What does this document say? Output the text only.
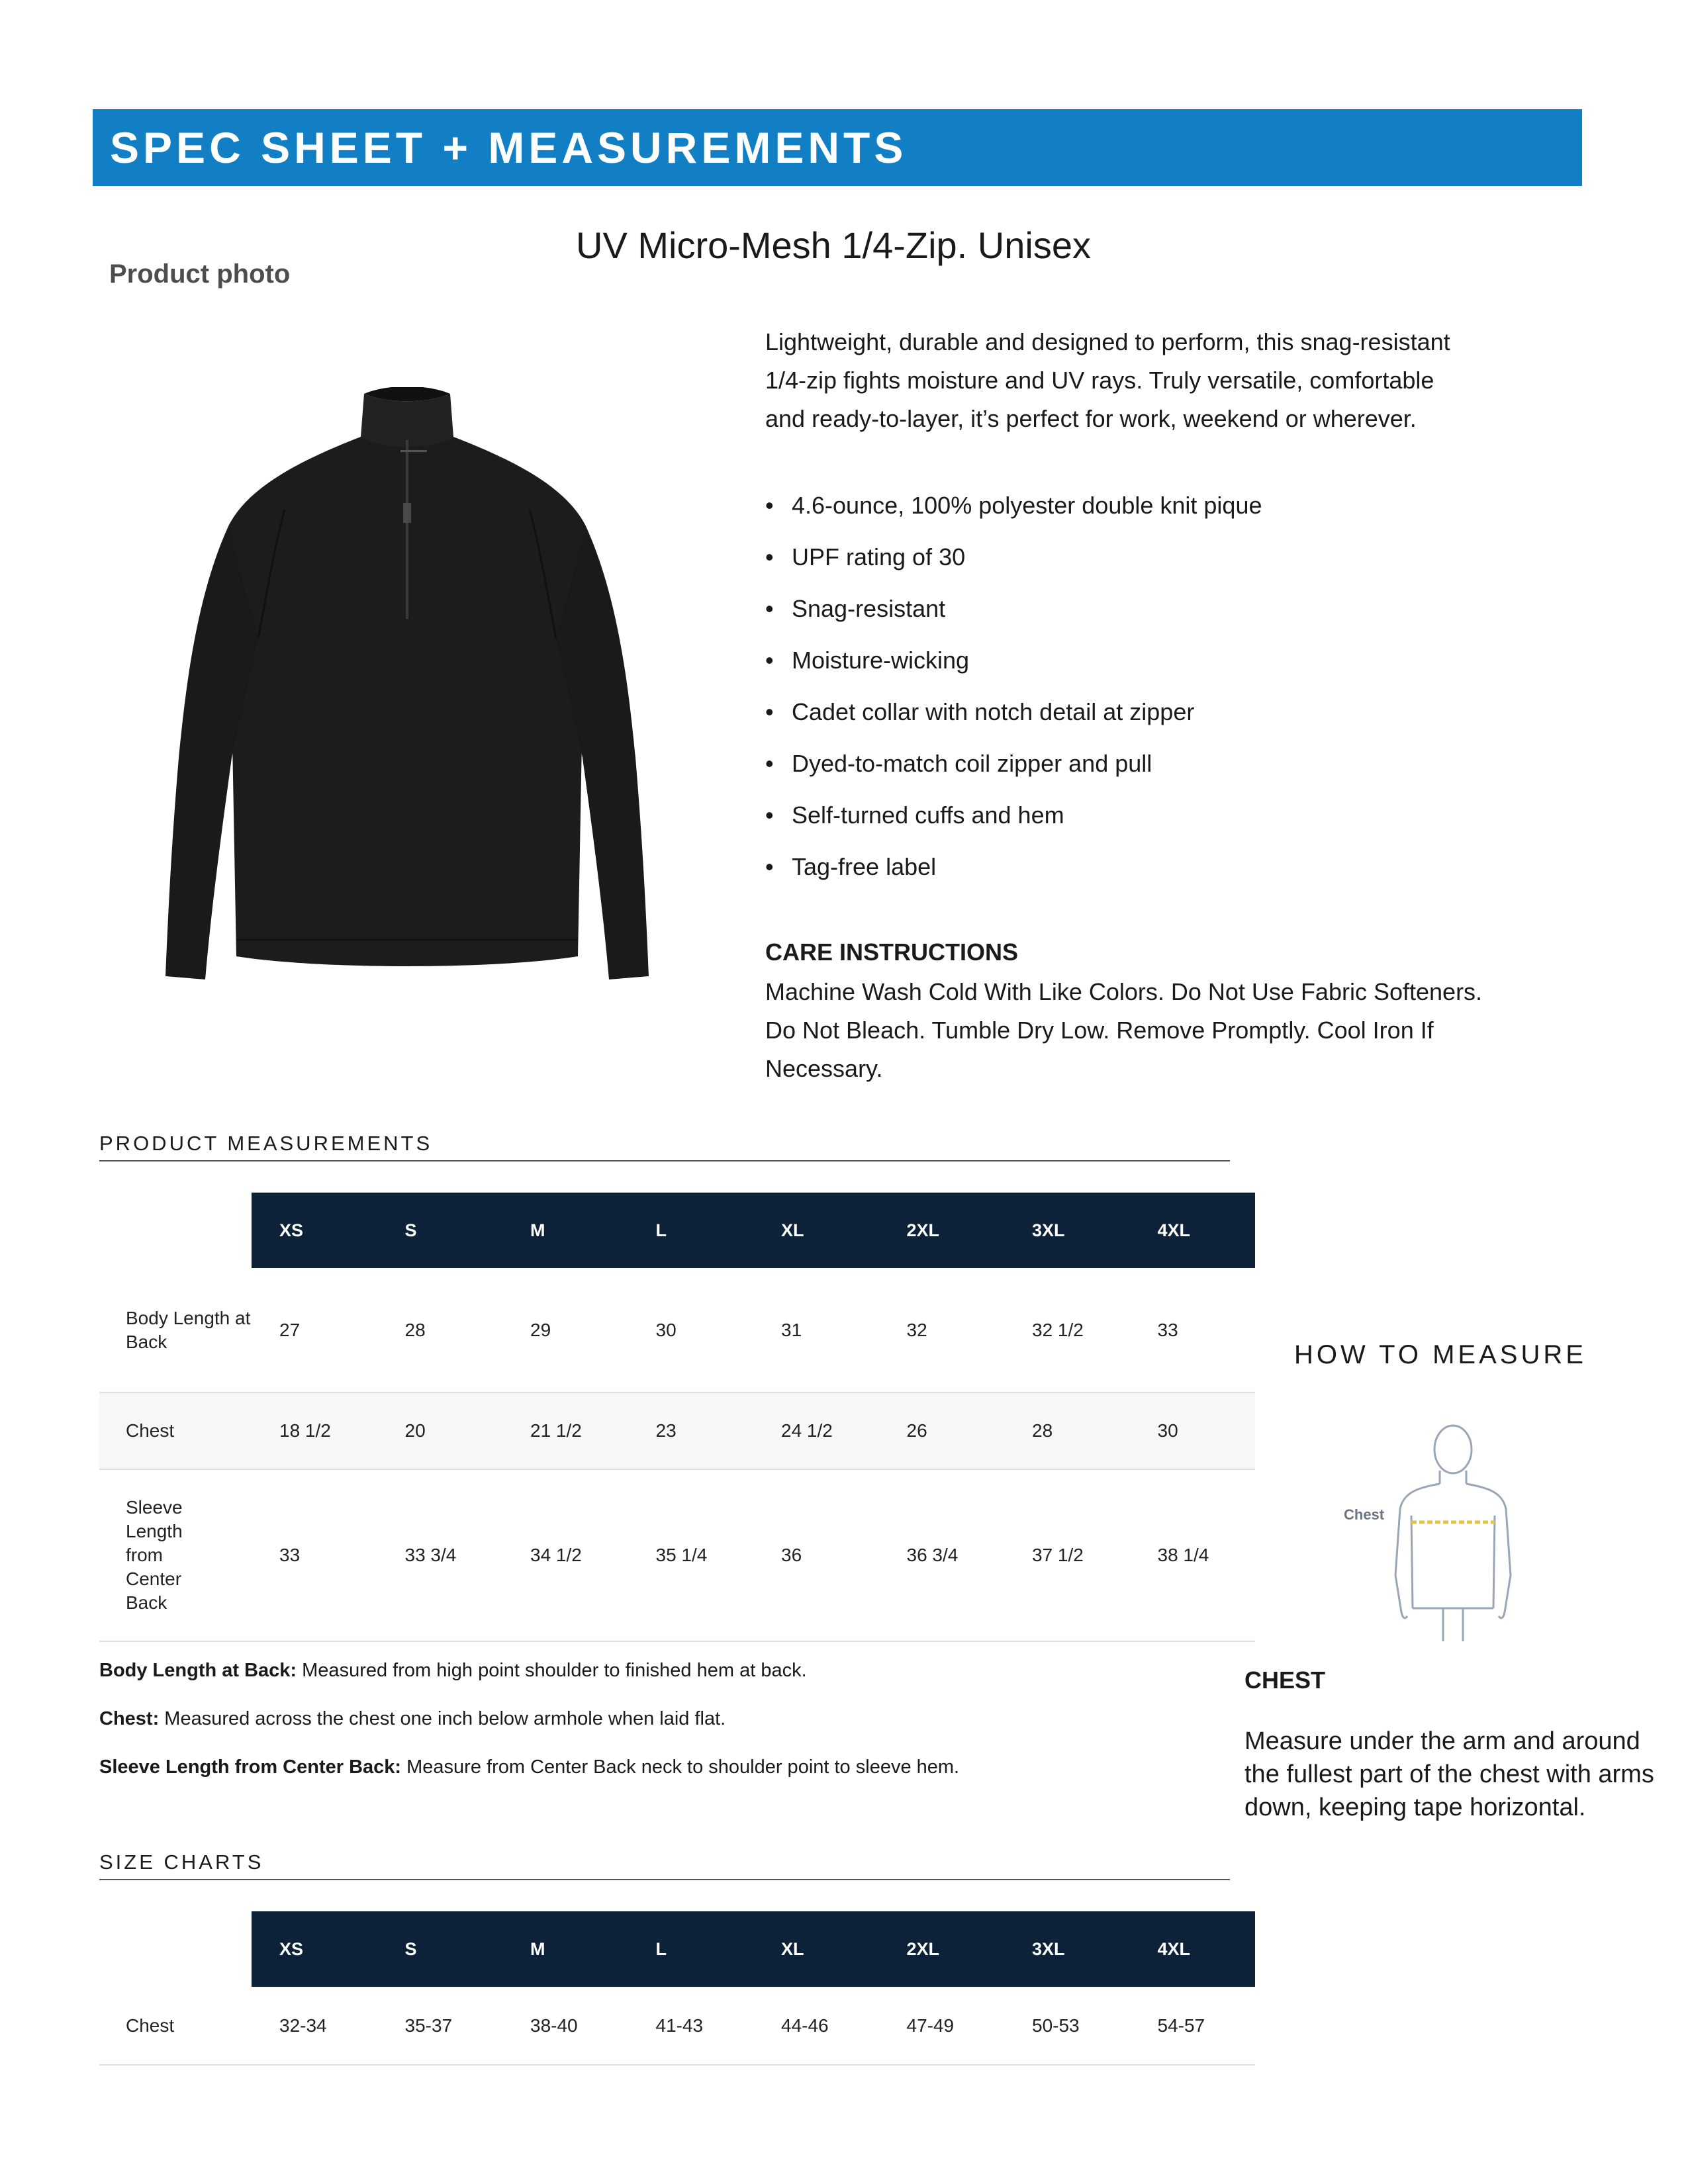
SPEC SHEET + MEASUREMENTS
UV Micro-Mesh 1/4-Zip. Unisex
Product photo
Lightweight, durable and designed to perform, this snag-resistant 1/4-zip fights moisture and UV rays. Truly versatile, comfortable and ready-to-layer, it’s perfect for work, weekend or wherever.
• 4.6-ounce, 100% polyester double knit pique
• UPF rating of 30
• Snag-resistant
• Moisture-wicking
• Cadet collar with notch detail at zipper
• Dyed-to-match coil zipper and pull
• Self-turned cuffs and hem
• Tag-free label
CARE INSTRUCTIONS
Machine Wash Cold With Like Colors. Do Not Use Fabric Softeners. Do Not Bleach. Tumble Dry Low. Remove Promptly. Cool Iron If Necessary.
PRODUCT MEASUREMENTS
	XS	S	M	L	XL	2XL	3XL	4XL
Body Length at Back	27	28	29	30	31	32	32 1/2	33
Chest	18 1/2	20	21 1/2	23	24 1/2	26	28	30

Sleeve Length from Center Back	33	33 3/4	34 1/2	35 1/4	36	36 3/4	37 1/2	38 1/4
Body Length at Back: Measured from high point shoulder to finished hem at back.
Chest: Measured across the chest one inch below armhole when laid flat.
Sleeve Length from Center Back: Measure from Center Back neck to shoulder point to sleeve hem.
SIZE CHARTS
	XS	S	M	L	XL	2XL	3XL	4XL
Chest	32-34	35-37	38-40	41-43	44-46	47-49	50-53	54-57
HOW TO MEASURE
Chest
CHEST
Measure under the arm and around the fullest part of the chest with arms down, keeping tape horizontal.
